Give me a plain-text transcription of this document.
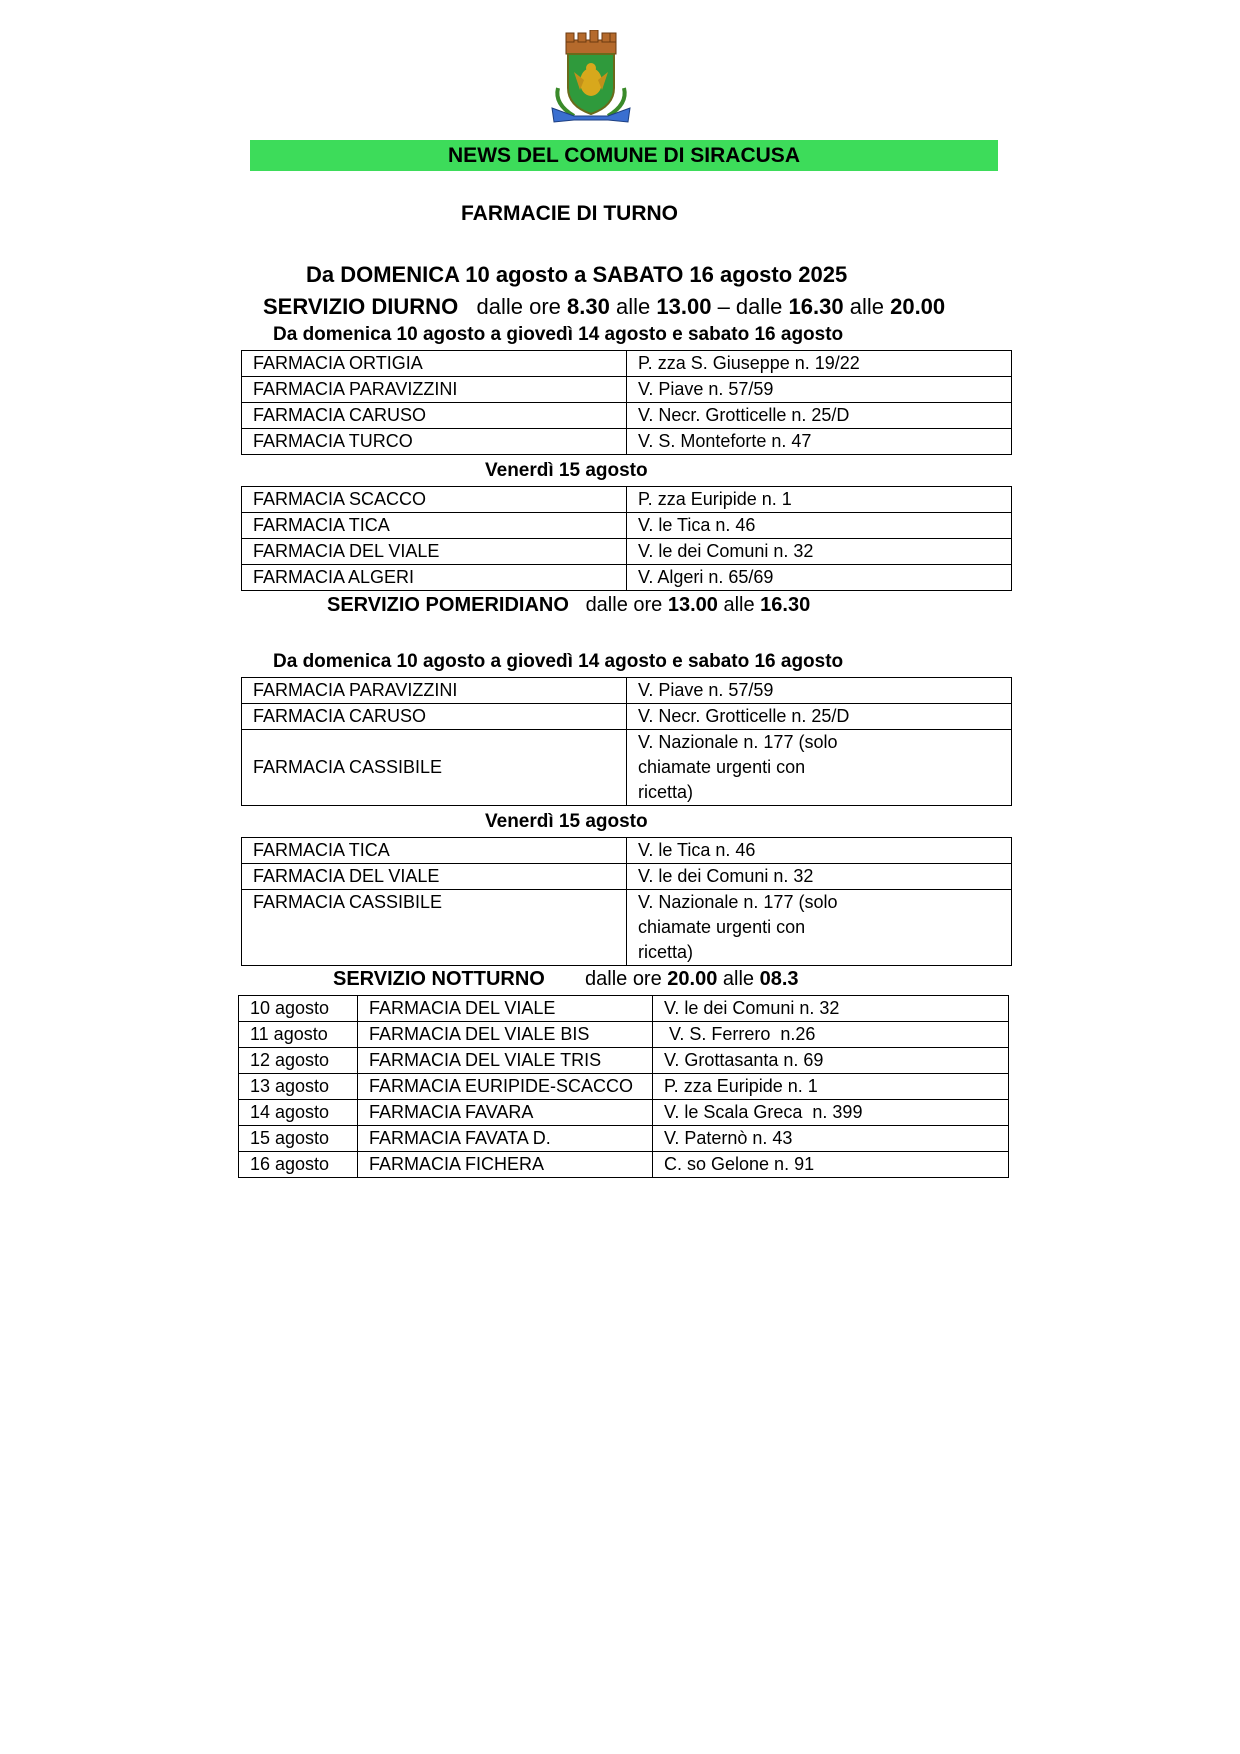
NEWS DEL COMUNE DI SIRACUSA
FARMACIE DI TURNO
Da DOMENICA 10 agosto a SABATO 16 agosto 2025
SERVIZIO DIURNO dalle ore 8.30 alle 13.00 – dalle 16.30 alle 20.00
Da domenica 10 agosto a giovedì 14 agosto e sabato 16 agosto
FARMACIA ORTIGIA	P. zza S. Giuseppe n. 19/22
FARMACIA PARAVIZZINI	V. Piave n. 57/59
FARMACIA CARUSO	V. Necr. Grotticelle n. 25/D
FARMACIA TURCO	V. S. Monteforte n. 47
Venerdì 15 agosto
FARMACIA SCACCO	P. zza Euripide n. 1
FARMACIA TICA	V. le Tica n. 46
FARMACIA DEL VIALE	V. le dei Comuni n. 32
FARMACIA ALGERI	V. Algeri n. 65/69
SERVIZIO POMERIDIANO dalle ore 13.00 alle 16.30
Da domenica 10 agosto a giovedì 14 agosto e sabato 16 agosto
FARMACIA PARAVIZZINI	V. Piave n. 57/59
FARMACIA CARUSO	V. Necr. Grotticelle n. 25/D
FARMACIA CASSIBILE	V. Nazionale n. 177 (solo
chiamate urgenti con
ricetta)
Venerdì 15 agosto
FARMACIA TICA	V. le Tica n. 46
FARMACIA DEL VIALE	V. le dei Comuni n. 32
FARMACIA CASSIBILE	V. Nazionale n. 177 (solo
chiamate urgenti con
ricetta)
SERVIZIO NOTTURNO dalle ore 20.00 alle 08.3
10 agosto	FARMACIA DEL VIALE	V. le dei Comuni n. 32
11 agosto	FARMACIA DEL VIALE BIS	V. S. Ferrero  n.26
12 agosto	FARMACIA DEL VIALE TRIS	V. Grottasanta n. 69
13 agosto	FARMACIA EURIPIDE-SCACCO	P. zza Euripide n. 1
14 agosto	FARMACIA FAVARA	V. le Scala Greca  n. 399
15 agosto	FARMACIA FAVATA D.	V. Paternò n. 43
16 agosto	FARMACIA FICHERA	C. so Gelone n. 91
